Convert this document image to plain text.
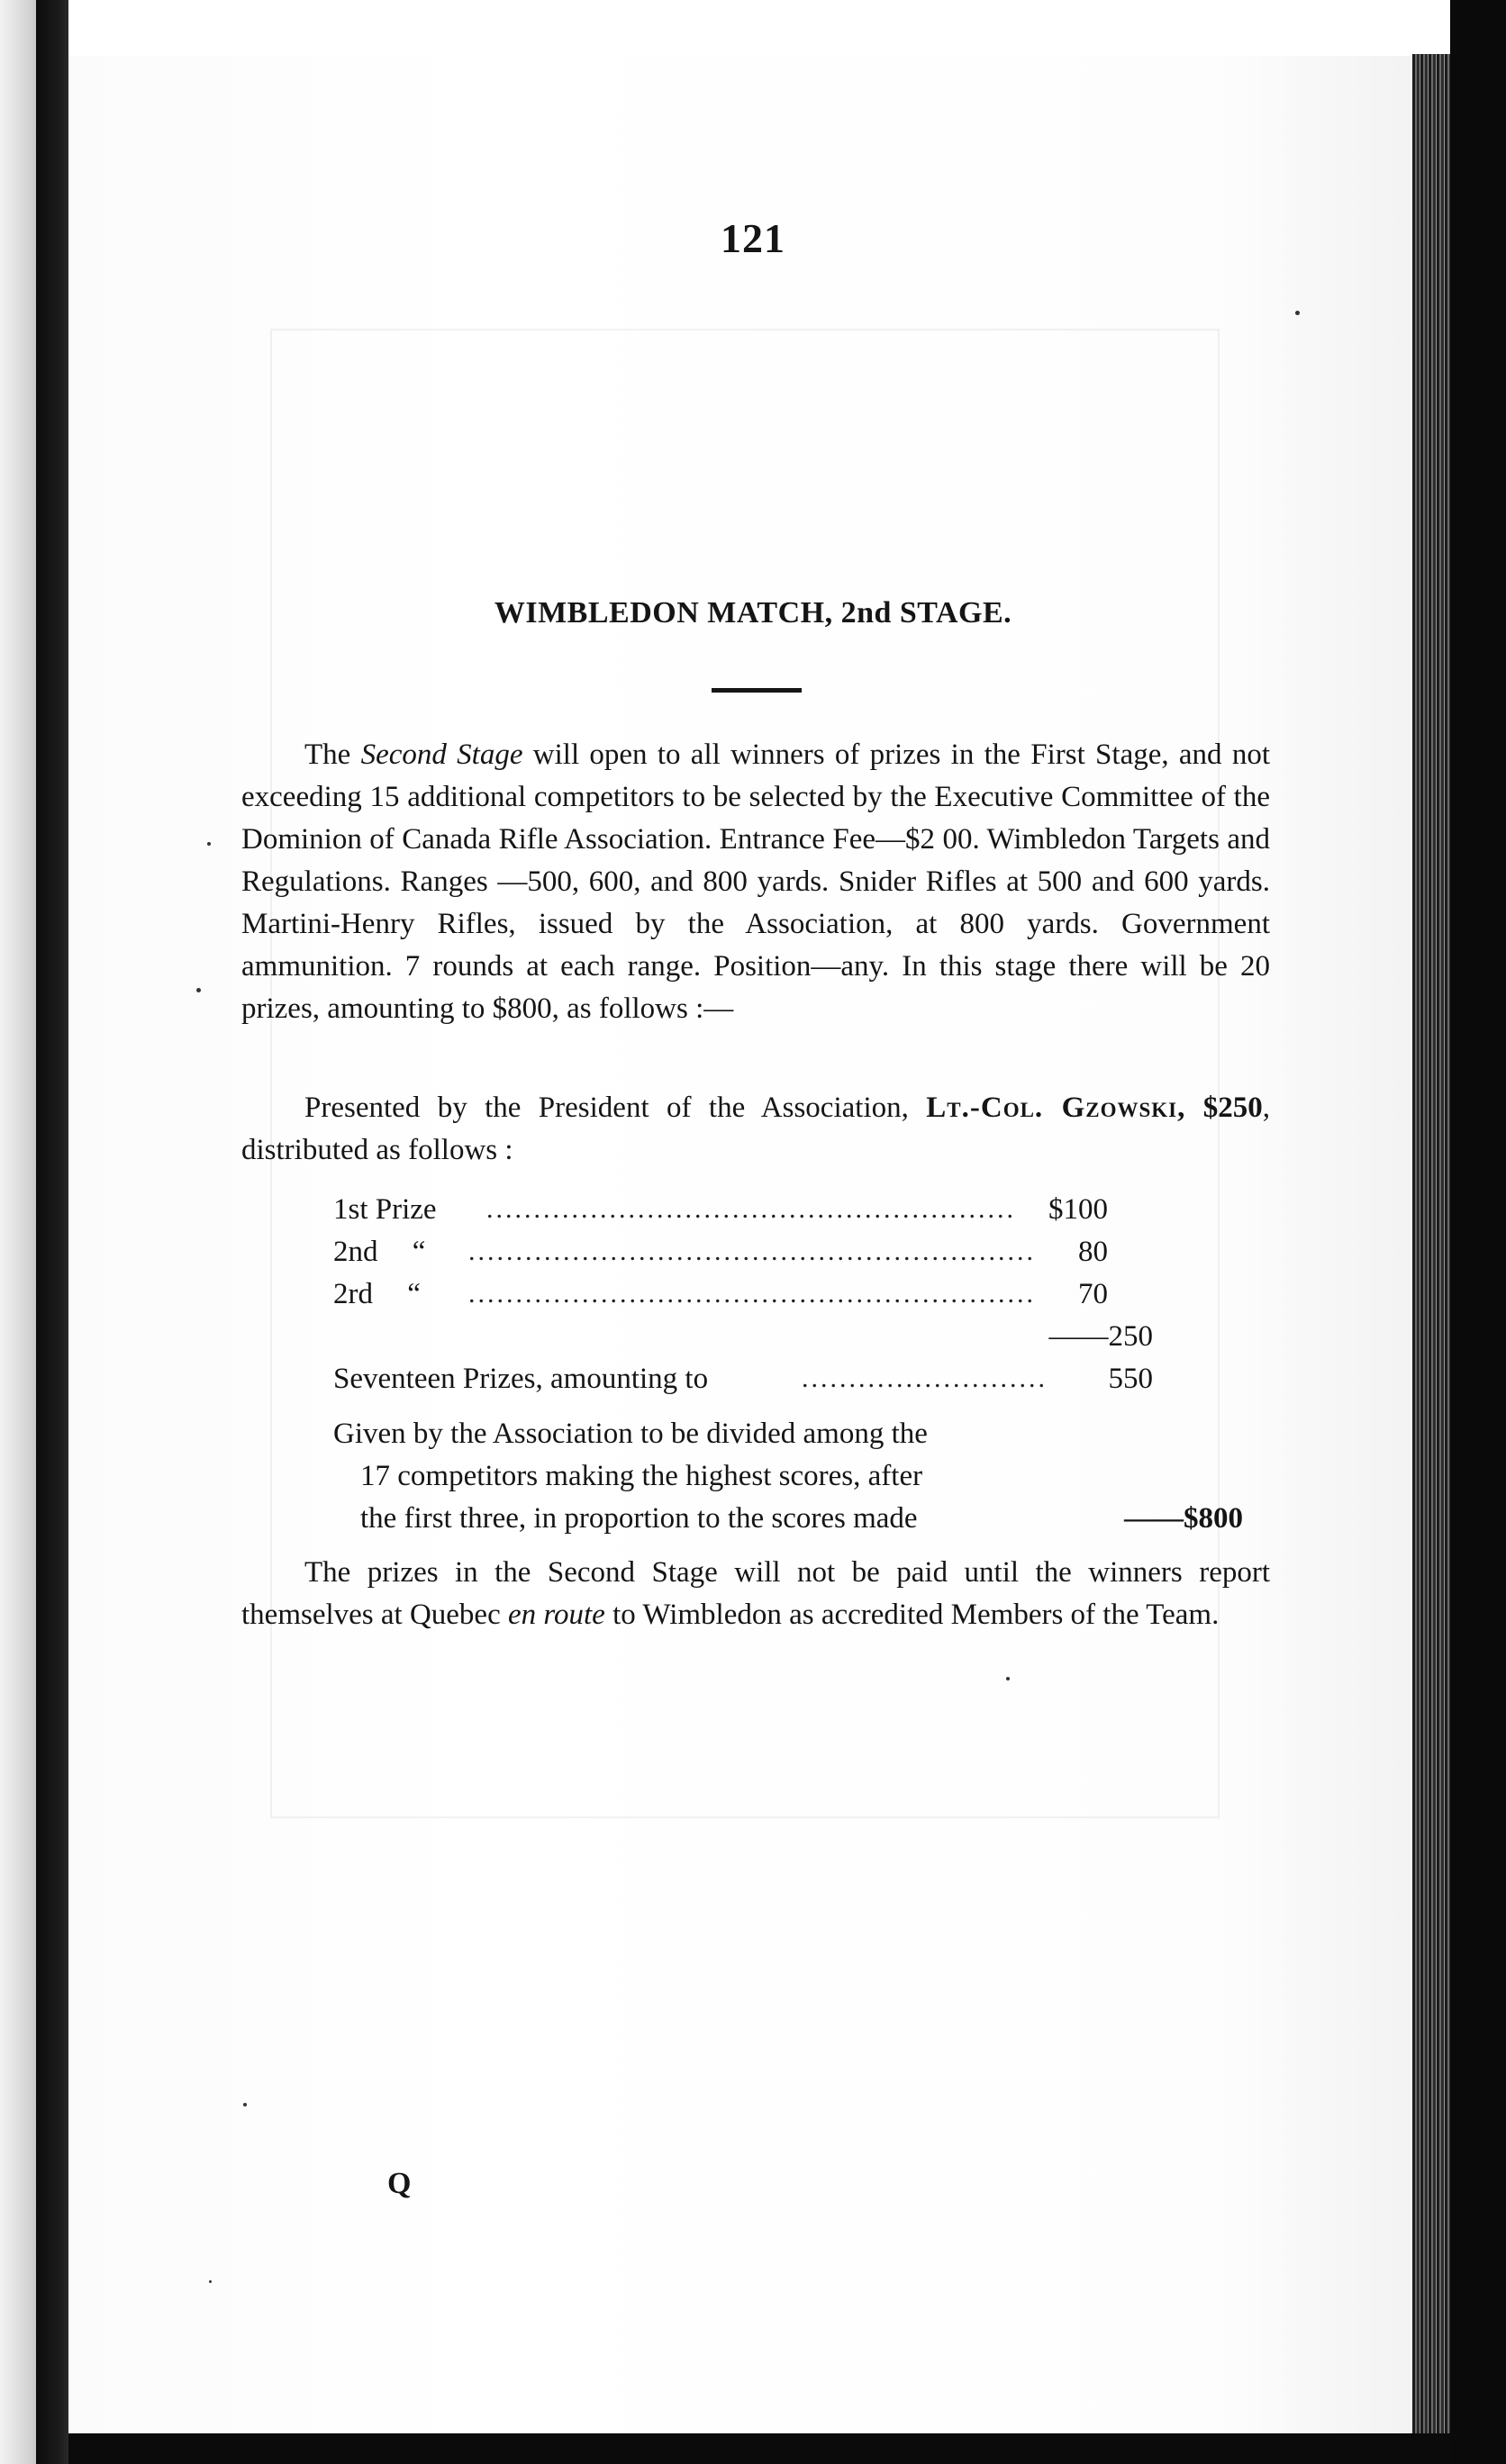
121
WIMBLEDON MATCH, 2nd STAGE.
The Second Stage will open to all winners of prizes in the First Stage, and not exceeding 15 additional competitors to be selected by the Executive Committee of the Dominion of Canada Rifle Association. Entrance Fee—$2 00. Wimbledon Targets and Regulations. Ranges —500, 600, and 800 yards. Snider Rifles at 500 and 600 yards. Martini-Henry Rifles, issued by the Association, at 800 yards. Government ammunition. 7 rounds at each range. Position—any. In this stage there will be 20 prizes, amounting to $800, as follows :—
Presented by the President of the Association, Lt.-Col. Gzowski, $250, distributed as follows :
1st Prize ........................................................	$100
2nd “ ............................................................	80
2rd “ ............................................................	70
——250
Seventeen Prizes, amounting to	..........................	550
Given by the Association to be divided among the
17 competitors making the highest scores, after
the first three, in proportion to the scores made	——$800
The prizes in the Second Stage will not be paid until the winners report themselves at Quebec en route to Wimbledon as accredited Members of the Team.
Q
